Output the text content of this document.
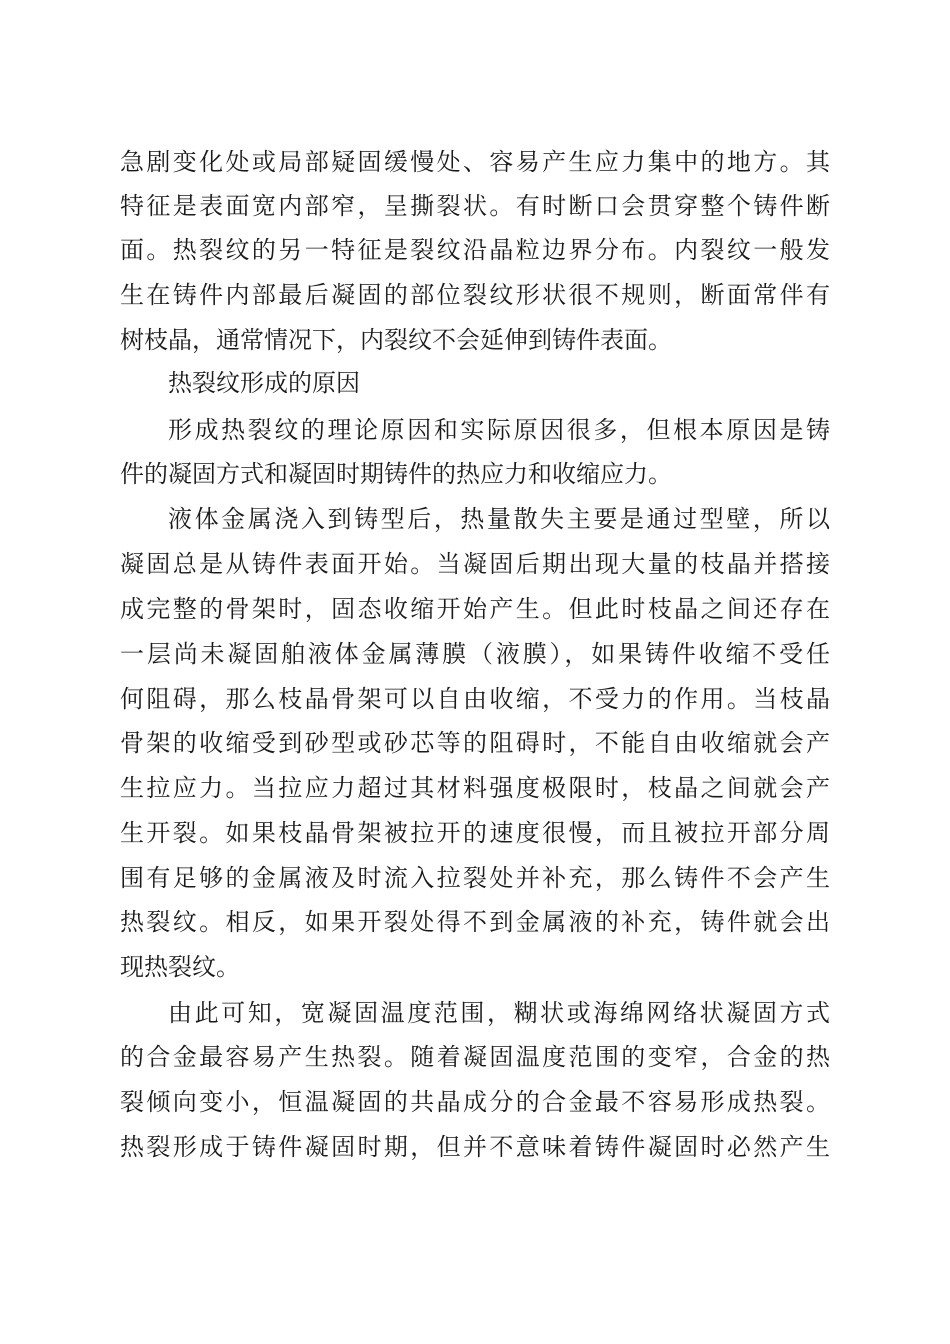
急剧变化处或局部疑固缓慢处、容易产生应力集中的地方。其
特征是表面宽内部窄，呈撕裂状。有时断口会贯穿整个铸件断
面。热裂纹的另一特征是裂纹沿晶粒边界分布。内裂纹一般发
生在铸件内部最后凝固的部位裂纹形状很不规则，断面常伴有
树枝晶，通常情况下，内裂纹不会延伸到铸件表面。
热裂纹形成的原因
形成热裂纹的理论原因和实际原因很多，但根本原因是铸
件的凝固方式和凝固时期铸件的热应力和收缩应力。
液体金属浇入到铸型后，热量散失主要是通过型壁，所以
凝固总是从铸件表面开始。当凝固后期出现大量的枝晶并搭接
成完整的骨架时，固态收缩开始产生。但此时枝晶之间还存在
一层尚未凝固舶液体金属薄膜（液膜），如果铸件收缩不受任
何阻碍，那么枝晶骨架可以自由收缩，不受力的作用。当枝晶
骨架的收缩受到砂型或砂芯等的阻碍时，不能自由收缩就会产
生拉应力。当拉应力超过其材料强度极限时，枝晶之间就会产
生开裂。如果枝晶骨架被拉开的速度很慢，而且被拉开部分周
围有足够的金属液及时流入拉裂处并补充，那么铸件不会产生
热裂纹。相反，如果开裂处得不到金属液的补充，铸件就会出
现热裂纹。
由此可知，宽凝固温度范围，糊状或海绵网络状凝固方式
的合金最容易产生热裂。随着凝固温度范围的变窄，合金的热
裂倾向变小，恒温凝固的共晶成分的合金最不容易形成热裂。
热裂形成于铸件凝固时期，但并不意味着铸件凝固时必然产生
